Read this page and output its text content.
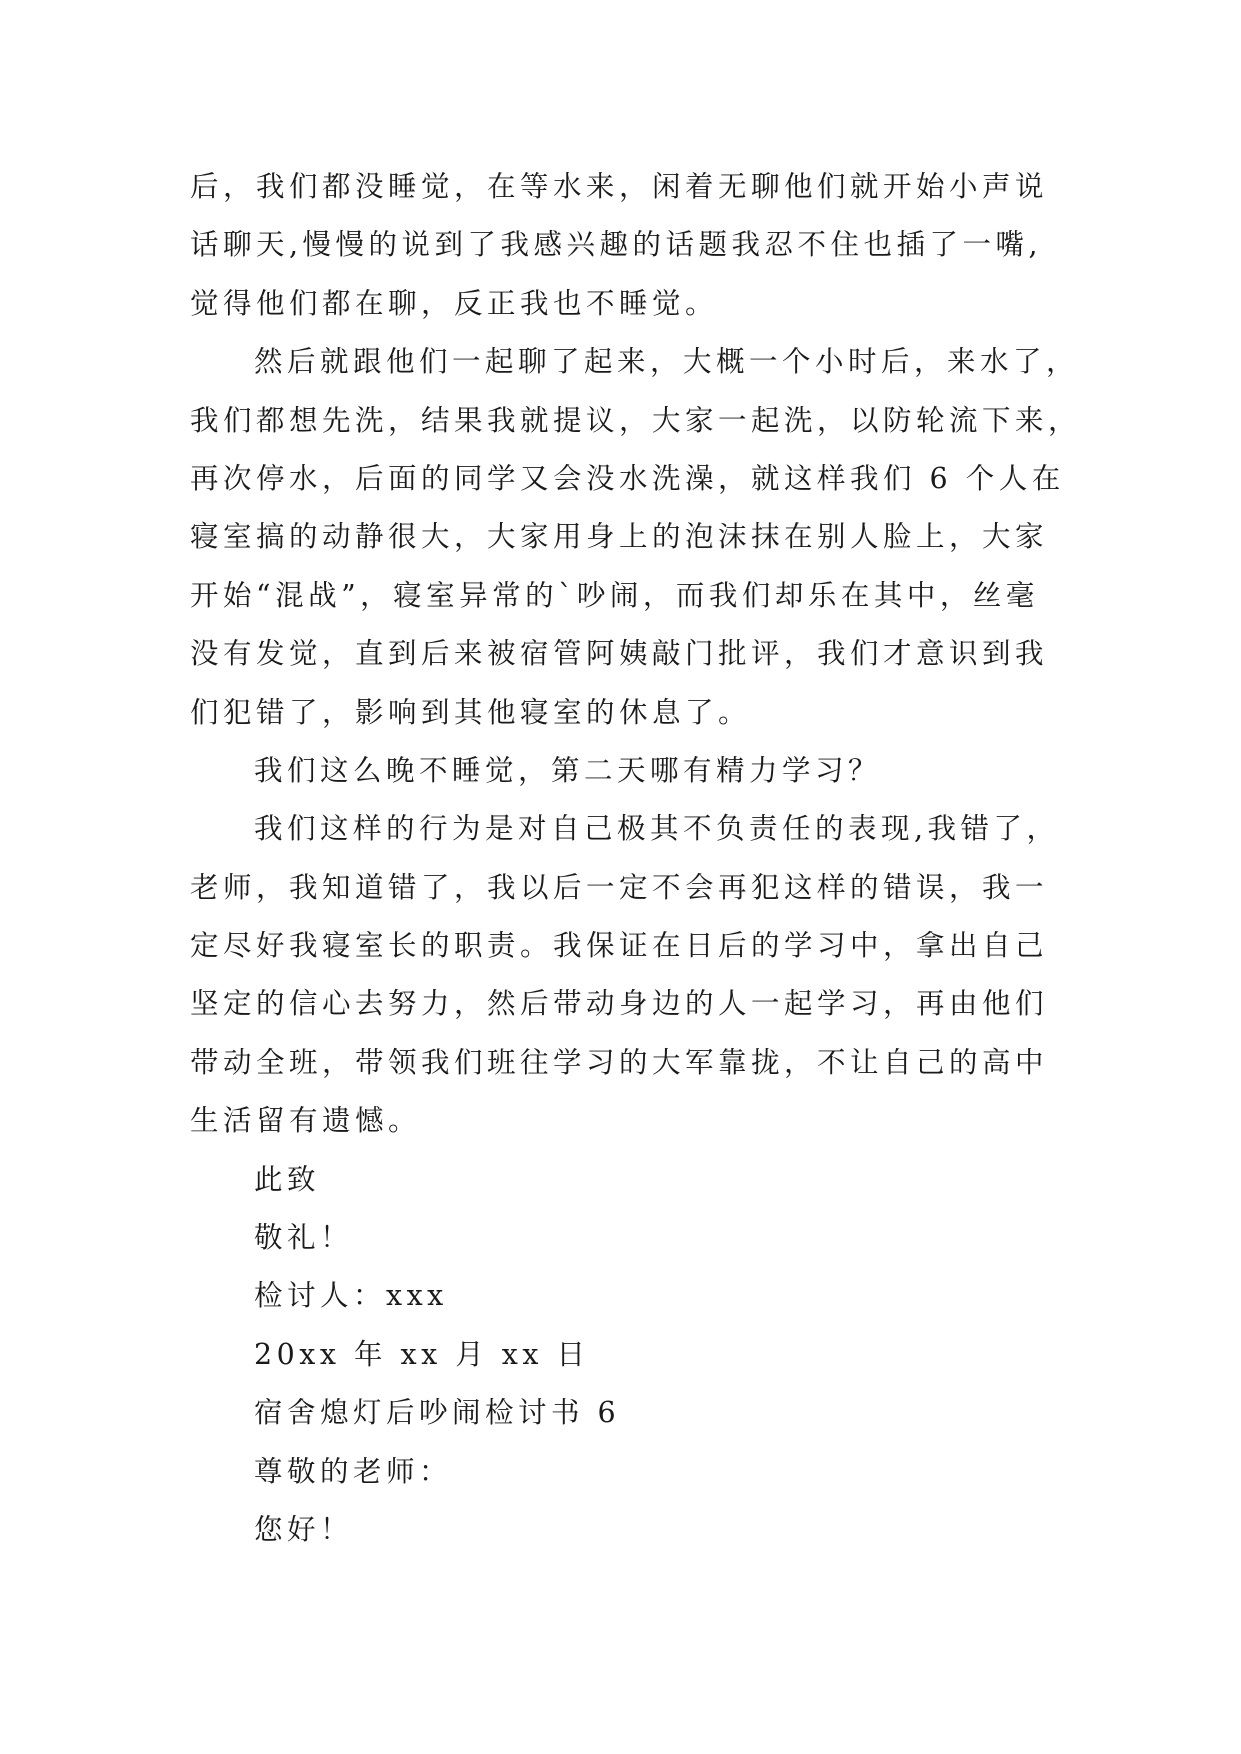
后，我们都没睡觉，在等水来，闲着无聊他们就开始小声说
话聊天,慢慢的说到了我感兴趣的话题我忍不住也插了一嘴,
觉得他们都在聊，反正我也不睡觉。
然后就跟他们一起聊了起来，大概一个小时后，来水了，
我们都想先洗，结果我就提议，大家一起洗，以防轮流下来，
再次停水，后面的同学又会没水洗澡，就这样我们 6 个人在
寝室搞的动静很大，大家用身上的泡沫抹在别人脸上，大家
开始“混战”，寝室异常的`吵闹，而我们却乐在其中，丝毫
没有发觉，直到后来被宿管阿姨敲门批评，我们才意识到我
们犯错了，影响到其他寝室的休息了。
我们这么晚不睡觉，第二天哪有精力学习？
我们这样的行为是对自己极其不负责任的表现,我错了，
老师，我知道错了，我以后一定不会再犯这样的错误，我一
定尽好我寝室长的职责。我保证在日后的学习中，拿出自己
坚定的信心去努力，然后带动身边的人一起学习，再由他们
带动全班，带领我们班往学习的大军靠拢，不让自己的高中
生活留有遗憾。
此致
敬礼！
检讨人：xxx
20xx 年 xx 月 xx 日
宿舍熄灯后吵闹检讨书 6
尊敬的老师：
您好！
